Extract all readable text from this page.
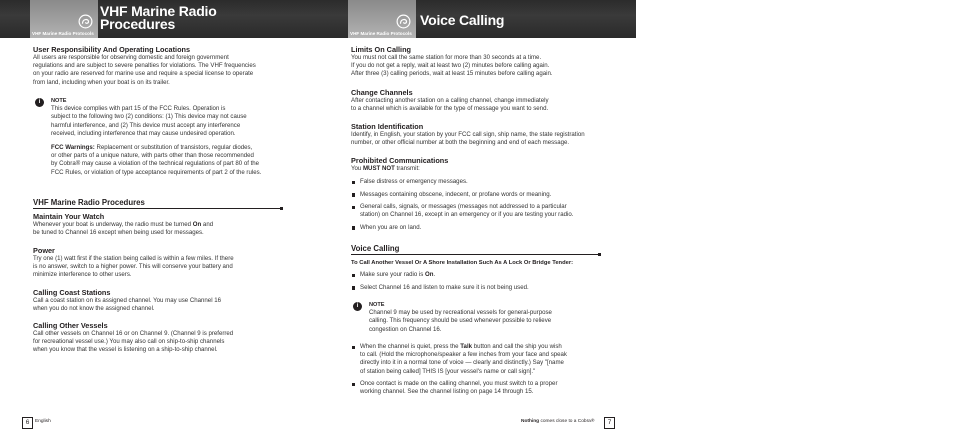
VHF Marine Radio Protocols
VHF Marine Radio
Procedures
User Responsibility And Operating Locations

All users are responsible for observing domestic and foreign government

regulations and are subject to severe penalties for violations. The VHF frequencies

on your radio are reserved for marine use and require a special license to operate

from land, including when your boat is on its trailer.

i	NOTE

This device complies with part 15 of the FCC Rules. Operation is

subject to the following two (2) conditions: (1) This device may not cause

harmful interference, and (2) This device must accept any interference

received, including interference that may cause undesired operation.

FCC Warnings: Replacement or substitution of transistors, regular diodes,

or other parts of a unique nature, with parts other than those recommended

by Cobra® may cause a violation of the technical regulations of part 80 of the

FCC Rules, or violation of type acceptance requirements of part 2 of the rules.

VHF Marine Radio Procedures
Maintain Your Watch

Whenever your boat is underway, the radio must be turned On and

be tuned to Channel 16 except when being used for messages.

Power

Try one (1) watt first if the station being called is within a few miles. If there

is no answer, switch to a higher power. This will conserve your battery and

minimize interference to other users.

Calling Coast Stations

Call a coast station on its assigned channel. You may use Channel 16

when you do not know the assigned channel.

Calling Other Vessels

Call other vessels on Channel 16 or on Channel 9. (Channel 9 is preferred

for recreational vessel use.) You may also call on ship-to-ship channels

when you know that the vessel is listening on a ship-to-ship channel.

6	English
VHF Marine Radio Protocols
Voice Calling
Limits On Calling

You must not call the same station for more than 30 seconds at a time.

If you do not get a reply, wait at least two (2) minutes before calling again.

After three (3) calling periods, wait at least 15 minutes before calling again.

Change Channels

After contacting another station on a calling channel, change immediately

to a channel which is available for the type of message you want to send.

Station Identification

Identify, in English, your station by your FCC call sign, ship name, the state registration

number, or other official number at both the beginning and end of each message.

Prohibited Communications

You MUST NOT transmit:

False distress or emergency messages.
Messages containing obscene, indecent, or profane words or meaning.
General calls, signals, or messages (messages not addressed to a particular

station) on Channel 16, except in an emergency or if you are testing your radio.

When you are on land.
Voice Calling

To Call Another Vessel Or A Shore Installation Such As A Lock Or Bridge Tender:

Make sure your radio is On.
Select Channel 16 and listen to make sure it is not being used.
i	NOTE

Channel 9 may be used by recreational vessels for general-purpose

calling. This frequency should be used whenever possible to relieve

congestion on Channel 16.

When the channel is quiet, press the Talk button and call the ship you wish
to call. (Hold the microphone/speaker a few inches from your face and speak
directly into it in a normal tone of voice — clearly and distinctly.) Say "[name
of station being called] THIS IS [your vessel's name or call sign]."
Once contact is made on the calling channel, you must switch to a proper
working channel. See the channel listing on page 14 through 15.
Nothing comes close to a Cobra®	7
